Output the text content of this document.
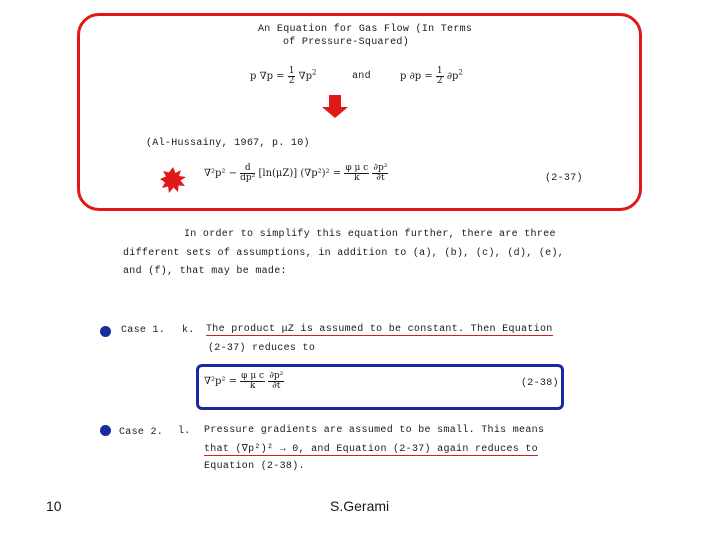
An Equation for Gas Flow (In Terms
of Pressure-Squared)
p $\nabla p = \frac{1}{2} \nabla p^2$	and	p $\partial p = \frac{1}{2} \partial p^2$
(Al-Hussainy, 1967, p. 10)
$\nabla^2p^2 - \frac{d}{\text{dp²}} [\ln(\mu Z)] (\nabla p^2)^2 = \frac{\text{φ μ c}}{k}$
$\frac{\text{∂p²}}{\partial t}$	(2-37)
In order to simplify this equation further, there are three
different sets of assumptions, in addition to (a), (b), (c), (d), (e),
and (f), that may be made:
Case 1. k. The product μZ is assumed to be constant. Then Equation
(2-37) reduces to
$\nabla^2p^2 = \frac{\text{φ μ c}}{k}$
$\frac{\text{∂p²}}{\partial t}$	(2-38)
Case 2. l. Pressure gradients are assumed to be small. This means
that (∇p²)² → 0, and Equation (2-37) again reduces to
Equation (2-38).
10	S.Gerami
